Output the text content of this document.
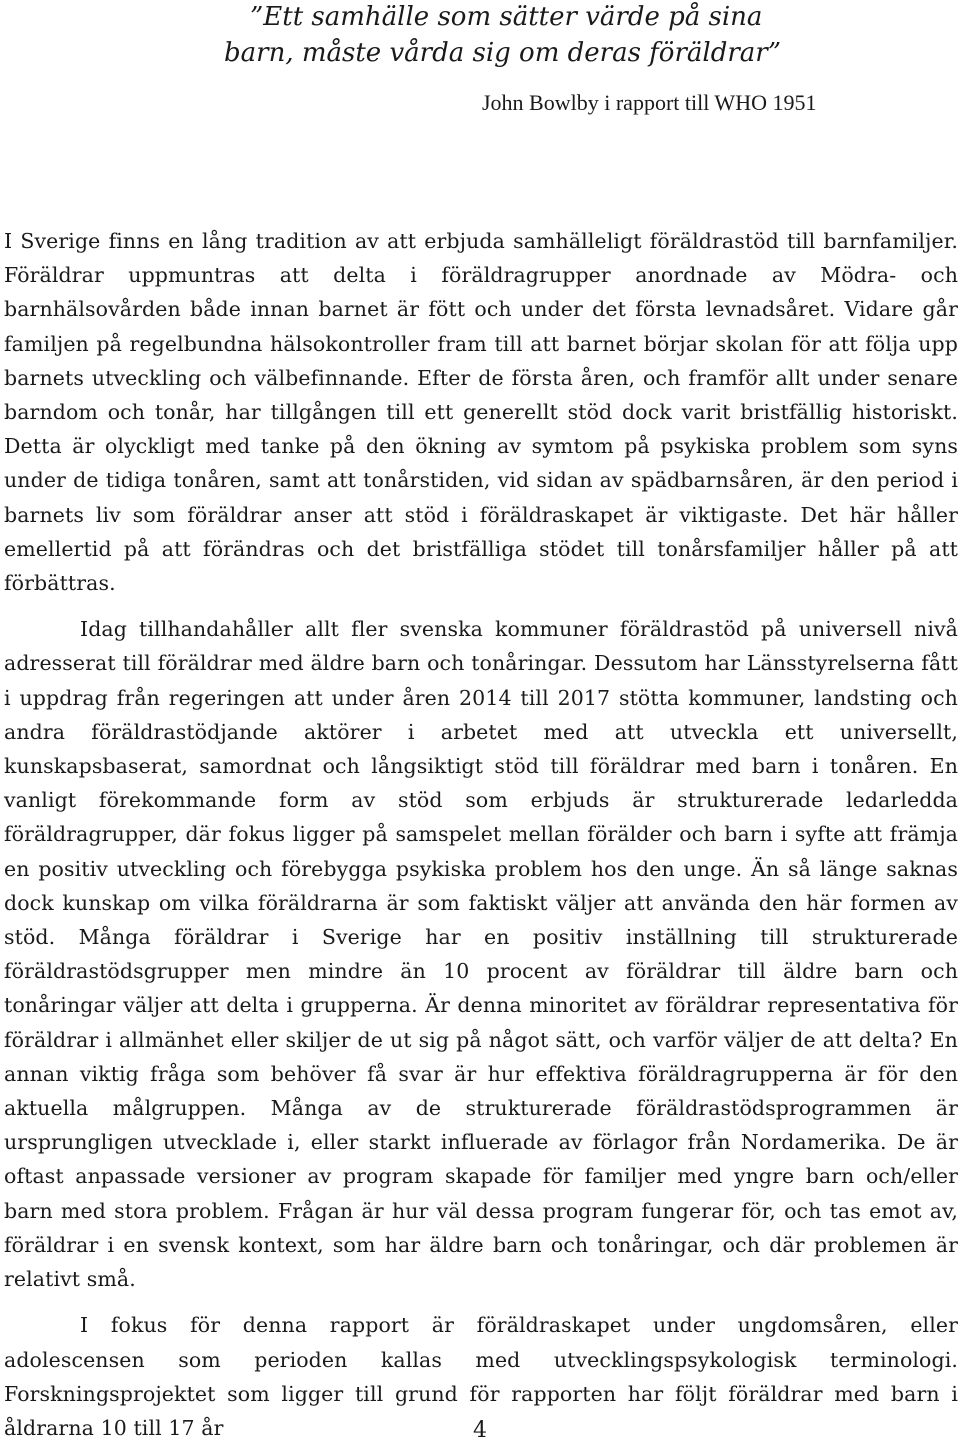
”Ett samhälle som sätter värde på sina
barn, måste vårda sig om deras föräldrar”
John Bowlby i rapport till WHO 1951

I Sverige finns en lång tradition av att erbjuda samhälleligt föräldrastöd till barnfamiljer. Föräldrar uppmuntras att delta i föräldragrupper anordnade av Mödra- och barnhälsovården både innan barnet är fött och under det första levnadsåret. Vidare går familjen på regelbundna hälsokontroller fram till att barnet börjar skolan för att följa upp barnets utveckling och välbefinnande. Efter de första åren, och framför allt under senare barndom och tonår, har tillgången till ett generellt stöd dock varit bristfällig historiskt. Detta är olyckligt med tanke på den ökning av symtom på psykiska problem som syns under de tidiga tonåren, samt att tonårstiden, vid sidan av spädbarnsåren, är den period i barnets liv som föräldrar anser att stöd i föräldraskapet är viktigaste. Det här håller emellertid på att förändras och det bristfälliga stödet till tonårsfamiljer håller på att förbättras.

Idag tillhandahåller allt fler svenska kommuner föräldrastöd på universell nivå adresserat till föräldrar med äldre barn och tonåringar. Dessutom har Länsstyrelserna fått i uppdrag från regeringen att under åren 2014 till 2017 stötta kommuner, landsting och andra föräldrastödjande aktörer i arbetet med att utveckla ett universellt, kunskapsbaserat, samordnat och långsiktigt stöd till föräldrar med barn i tonåren. En vanligt förekommande form av stöd som erbjuds är strukturerade ledarledda föräldragrupper, där fokus ligger på samspelet mellan förälder och barn i syfte att främja en positiv utveckling och förebygga psykiska problem hos den unge. Än så länge saknas dock kunskap om vilka föräldrarna är som faktiskt väljer att använda den här formen av stöd. Många föräldrar i Sverige har en positiv inställning till strukturerade föräldrastödsgrupper men mindre än 10 procent av föräldrar till äldre barn och tonåringar väljer att delta i grupperna. Är denna minoritet av föräldrar representativa för föräldrar i allmänhet eller skiljer de ut sig på något sätt, och varför väljer de att delta? En annan viktig fråga som behöver få svar är hur effektiva föräldragrupperna är för den aktuella målgruppen. Många av de strukturerade föräldrastödsprogrammen är ursprungligen utvecklade i, eller starkt influerade av förlagor från Nordamerika. De är oftast anpassade versioner av program skapade för familjer med yngre barn och/eller barn med stora problem. Frågan är hur väl dessa program fungerar för, och tas emot av, föräldrar i en svensk kontext, som har äldre barn och tonåringar, och där problemen är relativt små.

I fokus för denna rapport är föräldraskapet under ungdomsåren, eller adolescensen som perioden kallas med utvecklingspsykologisk terminologi. Forskningsprojektet som ligger till grund för rapporten har följt föräldrar med barn i åldrarna 10 till 17 år	4
